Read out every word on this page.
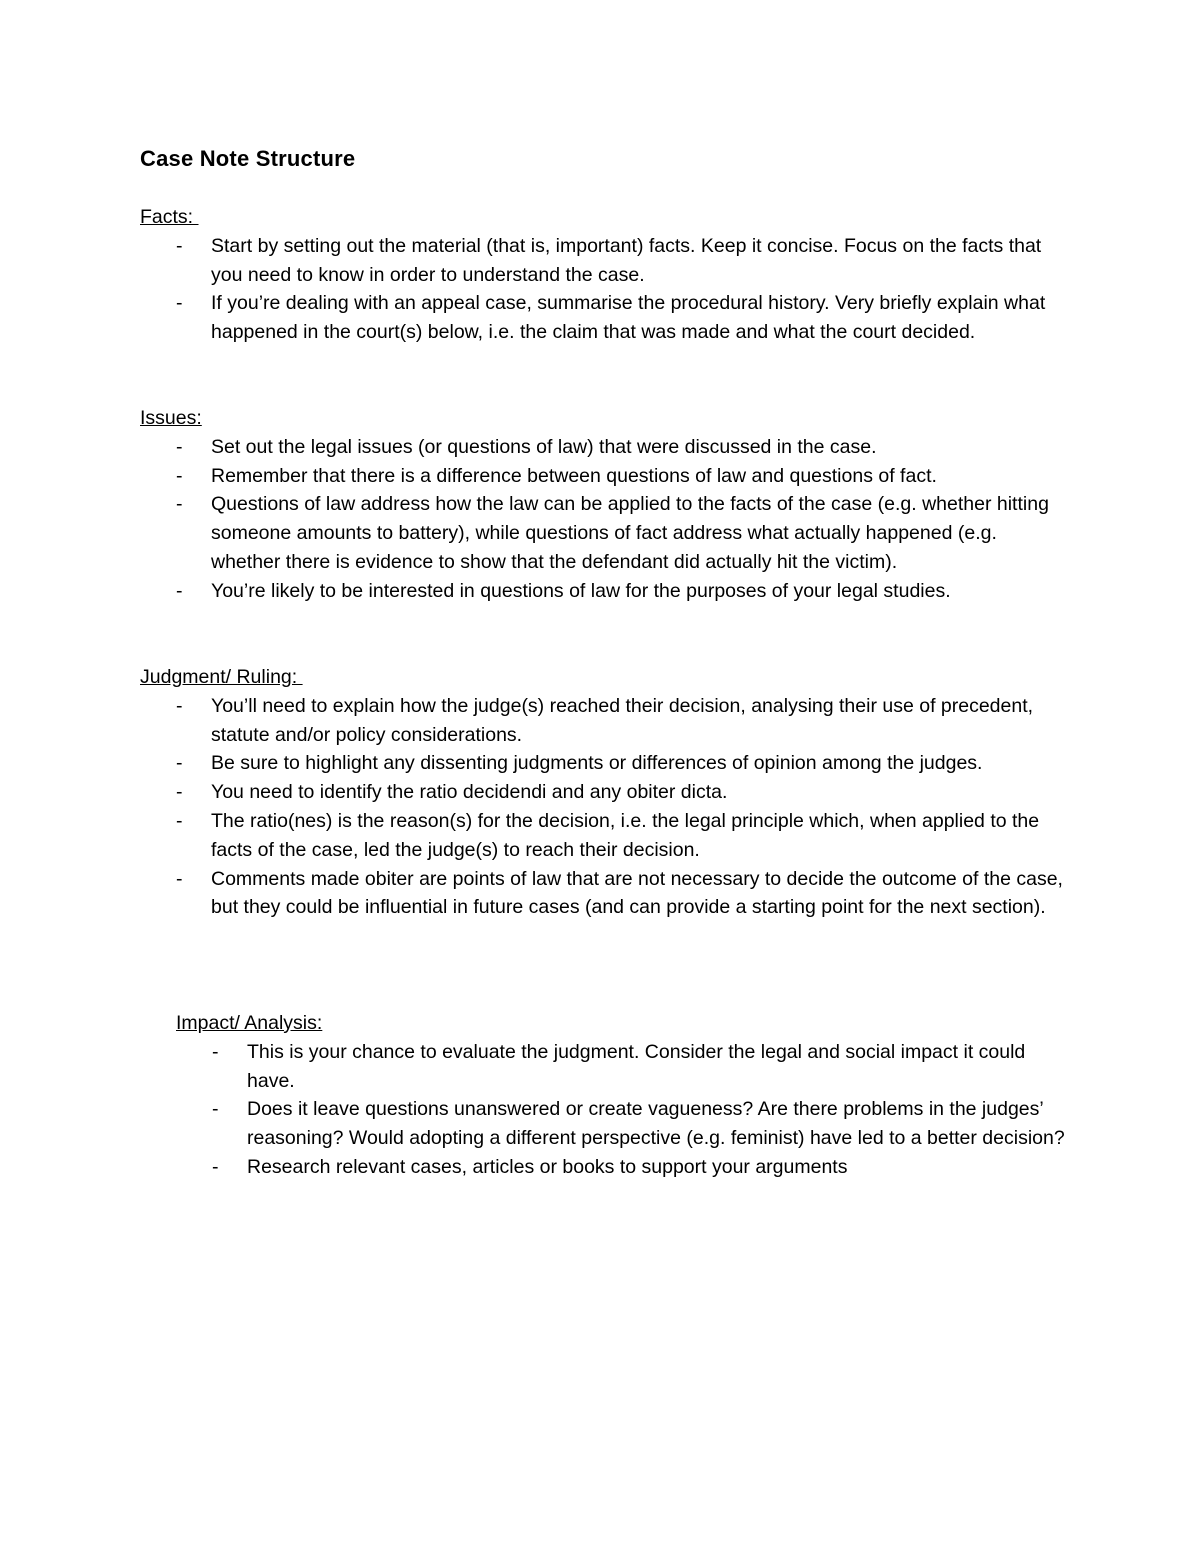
Case Note Structure
Facts:
-	Start by setting out the material (that is, important) facts. Keep it concise. Focus on the facts that you need to know in order to understand the case.
-	If you’re dealing with an appeal case, summarise the procedural history. Very briefly explain what happened in the court(s) below, i.e. the claim that was made and what the court decided.
Issues:
-	Set out the legal issues (or questions of law) that were discussed in the case.
-	Remember that there is a difference between questions of law and questions of fact.
-	Questions of law address how the law can be applied to the facts of the case (e.g. whether hitting someone amounts to battery), while questions of fact address what actually happened (e.g. whether there is evidence to show that the defendant did actually hit the victim).
-	You’re likely to be interested in questions of law for the purposes of your legal studies.
Judgment/ Ruling:
-	You’ll need to explain how the judge(s) reached their decision, analysing their use of precedent, statute and/or policy considerations.
-	Be sure to highlight any dissenting judgments or differences of opinion among the judges.
-	You need to identify the ratio decidendi and any obiter dicta.
-	The ratio(nes) is the reason(s) for the decision, i.e. the legal principle which, when applied to the facts of the case, led the judge(s) to reach their decision.
-	Comments made obiter are points of law that are not necessary to decide the outcome of the case, but they could be influential in future cases (and can provide a starting point for the next section).
Impact/ Analysis:
-	This is your chance to evaluate the judgment. Consider the legal and social impact it could have.
-	Does it leave questions unanswered or create vagueness? Are there problems in the judges’ reasoning? Would adopting a different perspective (e.g. feminist) have led to a better decision?
-	Research relevant cases, articles or books to support your arguments
